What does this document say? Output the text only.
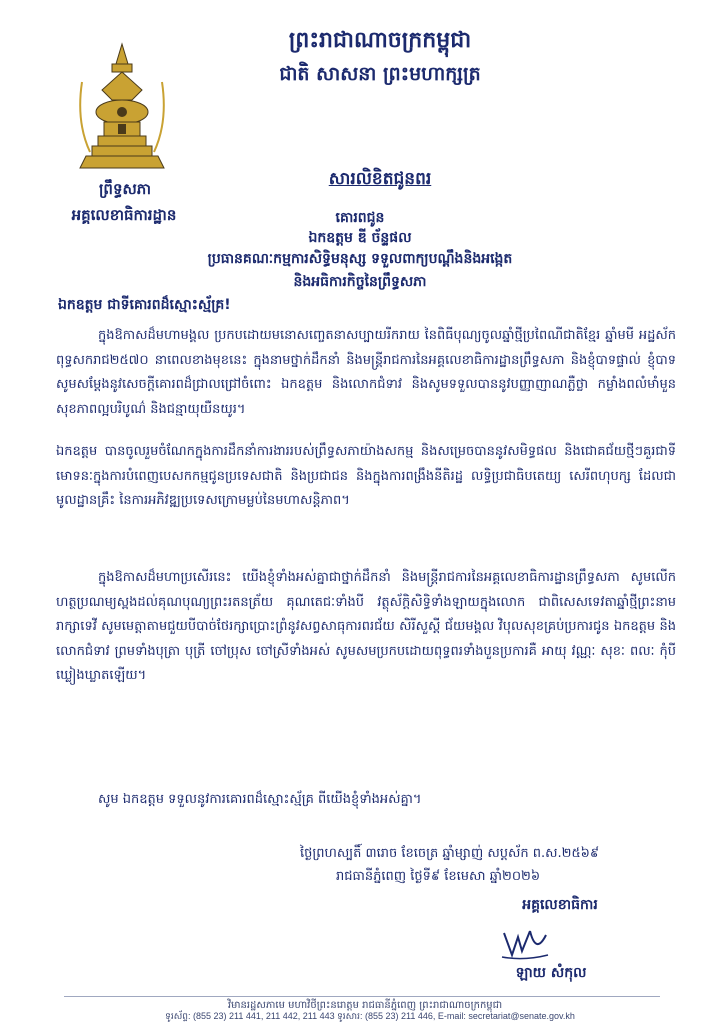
ព្រះរាជាណាចក្រកម្ពុជា
ជាតិ សាសនា ព្រះមហាក្សត្រ
ព្រឹទ្ធសភា
អគ្គលេខាធិការដ្ឋាន
សារលិខិតជូនពរ
គោរពជូន
ឯកឧត្តម ឌី ច័ន្ទផល
ប្រធានគណៈកម្មការសិទ្ធិមនុស្ស ទទួលពាក្យបណ្តឹងនិងអង្កេត
និងអធិការកិច្ចនៃព្រឹទ្ធសភា
ឯកឧត្តម ជាទីគោរពដ៏ស្មោះស្ម័គ្រ!
ក្នុងឱកាសដ៏មហាមង្គល ប្រកបដោយមនោសញ្ចេតនាសប្បាយរីករាយ នៃពិធីបុណ្យចូលឆ្នាំថ្មីប្រពៃណីជាតិខ្មែរ ឆ្នាំមមី អដ្ឋស័ក ពុទ្ធសករាជ២៥៧០ នាពេលខាងមុខនេះ ក្នុងនាមថ្នាក់ដឹកនាំ និងមន្ត្រីរាជការនៃអគ្គលេខាធិការដ្ឋានព្រឹទ្ធសភា និងខ្ញុំបាទផ្ទាល់ ខ្ញុំបាទសូមសម្តែងនូវសេចក្តីគោរពដ៏ជ្រាលជ្រៅចំពោះ ឯកឧត្តម និងលោកជំទាវ និងសូមទទួលបាននូវបញ្ញាញាណភ្លឺថ្លា កម្លាំងពលំមាំមួន សុខភាពល្អបរិបូណ៌ និងជន្មាយុយឺនយូរ។
ឯកឧត្តម បានចូលរួមចំណែកក្នុងការដឹកនាំការងាររបស់ព្រឹទ្ធសភាយ៉ាងសកម្ម និងសម្រេចបាននូវសមិទ្ធផល និងជោគជ័យថ្មីៗគួរជាទីមោទនៈក្នុងការបំពេញបេសកកម្មជូនប្រទេសជាតិ និងប្រជាជន និងក្នុងការពង្រឹងនីតិរដ្ឋ លទ្ធិប្រជាធិបតេយ្យ សេរីពហុបក្ស ដែលជាមូលដ្ឋានគ្រឹះ នៃការអភិវឌ្ឍប្រទេសក្រោមម្លប់នៃមហាសន្តិភាព។
ក្នុងឱកាសដ៏មហាប្រសើរនេះ យើងខ្ញុំទាំងអស់គ្នាជាថ្នាក់ដឹកនាំ និងមន្ត្រីរាជការនៃអគ្គលេខាធិការដ្ឋានព្រឹទ្ធសភា សូមលើកហត្ថប្រណម្យស្ពងដល់គុណបុណ្យព្រះរតនត្រ័យ គុណតេជៈទាំងបី វត្ថុស័ក្តិសិទ្ធិទាំងឡាយក្នុងលោក ជាពិសេសទេវតាឆ្នាំថ្មីព្រះនាម រាក្សាទេវី សូមមេត្តាតាមជួយបីបាច់ថែរក្សាប្រោះព្រំនូវសព្វសាធុការពរជ័យ សិរីសួស្តី ជ័យមង្គល វិបុលសុខគ្រប់ប្រការជូន ឯកឧត្តម និងលោកជំទាវ ព្រមទាំងបុត្រា បុត្រី ចៅប្រុស ចៅស្រីទាំងអស់ សូមសមប្រកបដោយពុទ្ធពរទាំងបួនប្រការគឺ អាយុ វណ្ណៈ សុខៈ ពលៈ កុំបីឃ្លៀងឃ្លាតឡើយ។
សូម ឯកឧត្តម ទទួលនូវការគោរពដ៏ស្មោះស្ម័គ្រ ពីយើងខ្ញុំទាំងអស់គ្នា។
ថ្ងៃព្រហស្បតិ៍ ៣រោច ខែចេត្រ ឆ្នាំម្សាញ់ សប្តស័ក ព.ស.២៥៦៩
រាជធានីភ្នំពេញ ថ្ងៃទី៩ ខែមេសា ឆ្នាំ២០២៦
អគ្គលេខាធិការ
ឡាយ សំកុល
វិមានរដ្ឋសភាមេ មហាវិថីព្រះនរោត្តម រាជធានីភ្នំពេញ ព្រះរាជាណាចក្រកម្ពុជា
ទូរស័ព្ទ: (855 23) 211 441, 211 442, 211 443 ទូរសារ: (855 23) 211 446, E-mail: secretariat@senate.gov.kh
